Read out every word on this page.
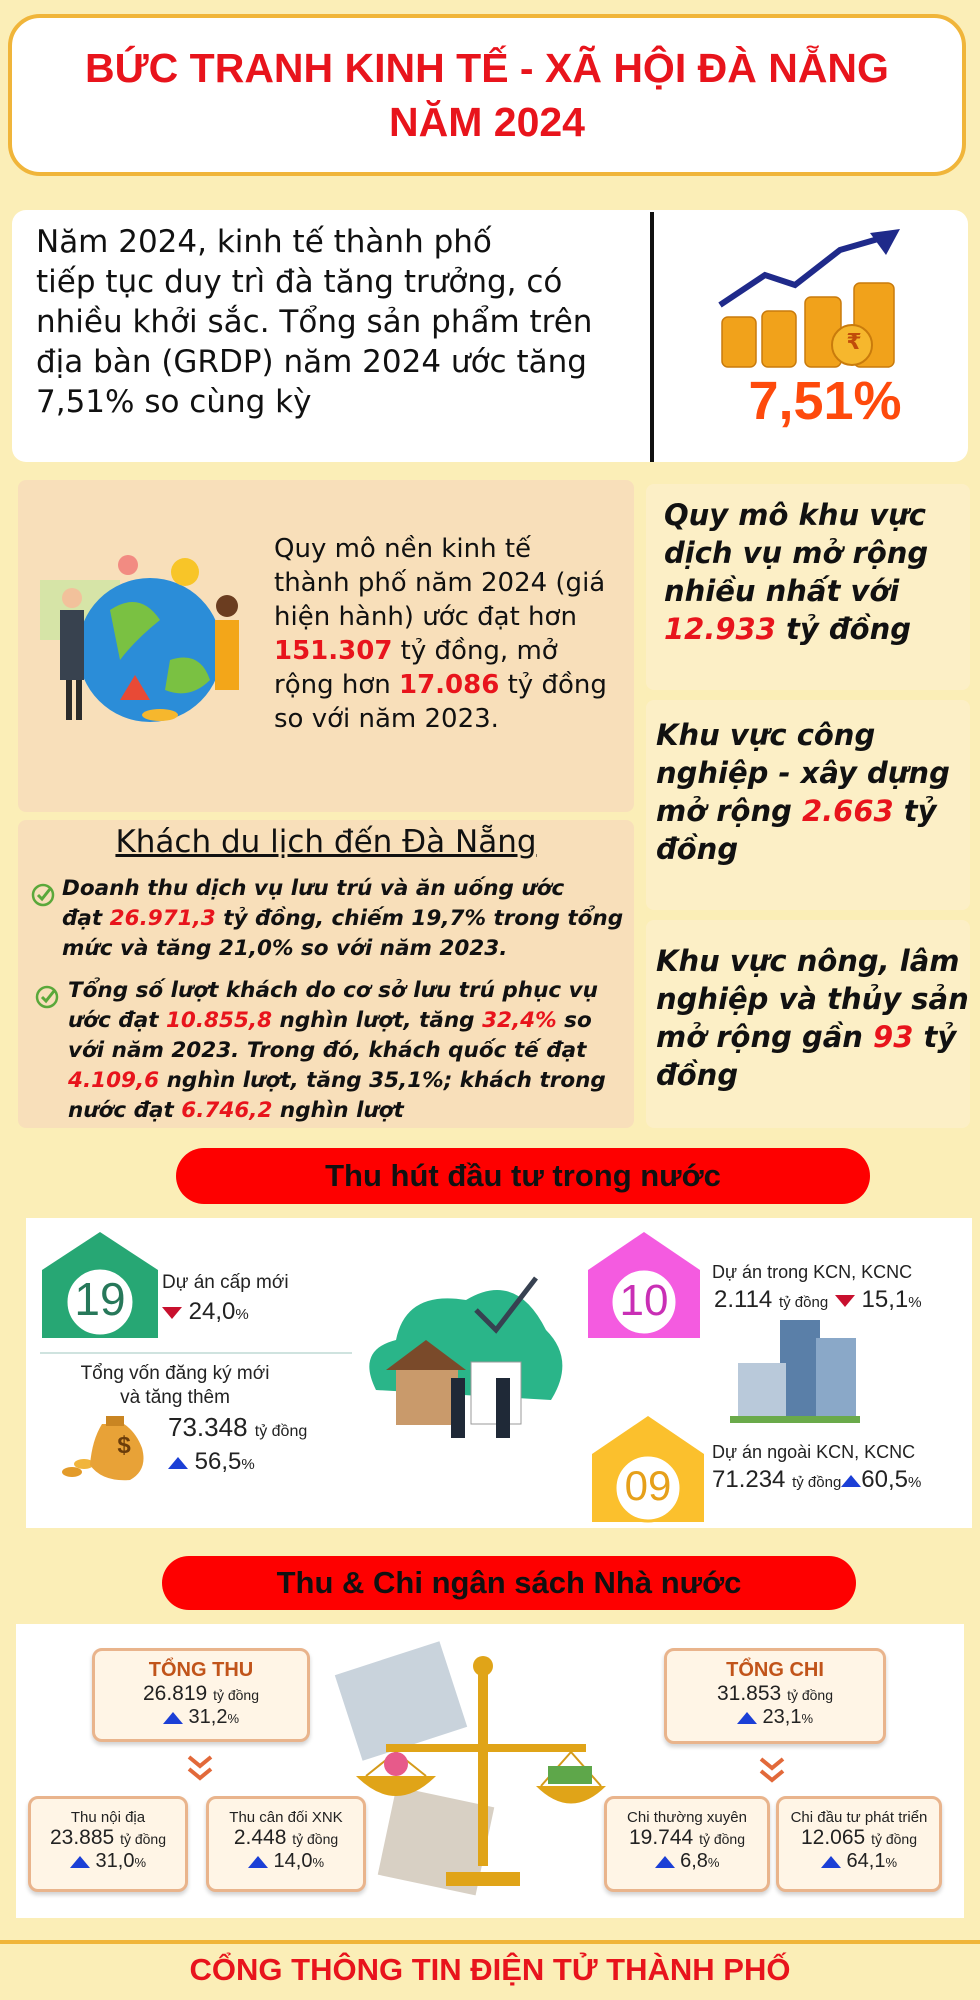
BỨC TRANH KINH TẾ - XÃ HỘI ĐÀ NẴNG
NĂM 2024
Năm 2024, kinh tế thành phố
tiếp tục duy trì đà tăng trưởng, có
nhiều khởi sắc. Tổng sản phẩm trên
địa bàn (GRDP) năm 2024 ước tăng
7,51% so cùng kỳ
₹
7,51%
Quy mô nền kinh tế
thành phố năm 2024 (giá
hiện hành) ước đạt hơn
151.307 tỷ đồng, mở
rộng hơn 17.086 tỷ đồng
so với năm 2023.
Quy mô khu vực
dịch vụ mở rộng
nhiều nhất với
12.933 tỷ đồng
Khu vực công
nghiệp - xây dựng
mở rộng 2.663 tỷ
đồng
Khu vực nông, lâm
nghiệp và thủy sản
mở rộng gần 93 tỷ
đồng
Khách du lịch đến Đà Nẵng
Doanh thu dịch vụ lưu trú và ăn uống ước
đạt 26.971,3 tỷ đồng, chiếm 19,7% trong tổng
mức và tăng 21,0% so với năm 2023.
Tổng số lượt khách do cơ sở lưu trú phục vụ
ước đạt 10.855,8 nghìn lượt, tăng 32,4% so
với năm 2023. Trong đó, khách quốc tế đạt
4.109,6 nghìn lượt, tăng 35,1%; khách trong
nước đạt 6.746,2 nghìn lượt
Thu hút đầu tư trong nước
19	Dự án cấp mới
24,0%
Tổng vốn đăng ký mới
và tăng thêm
$
73.348 tỷ đồng
56,5%
10
Dự án trong KCN, KCNC
2.114 tỷ đồng 15,1%
09
Dự án ngoài KCN, KCNC
71.234 tỷ đồng 60,5%
Thu & Chi ngân sách Nhà nước
TỔNG THU
26.819 tỷ đồng
31,2%
Thu nội địa
23.885 tỷ đồng
31,0%
Thu cân đối XNK
2.448 tỷ đồng
14,0%
TỔNG CHI
31.853 tỷ đồng
23,1%
Chi thường xuyên
19.744 tỷ đồng
6,8%
Chi đầu tư phát triển
12.065 tỷ đồng
64,1%
CỔNG THÔNG TIN ĐIỆN TỬ THÀNH PHỐ
